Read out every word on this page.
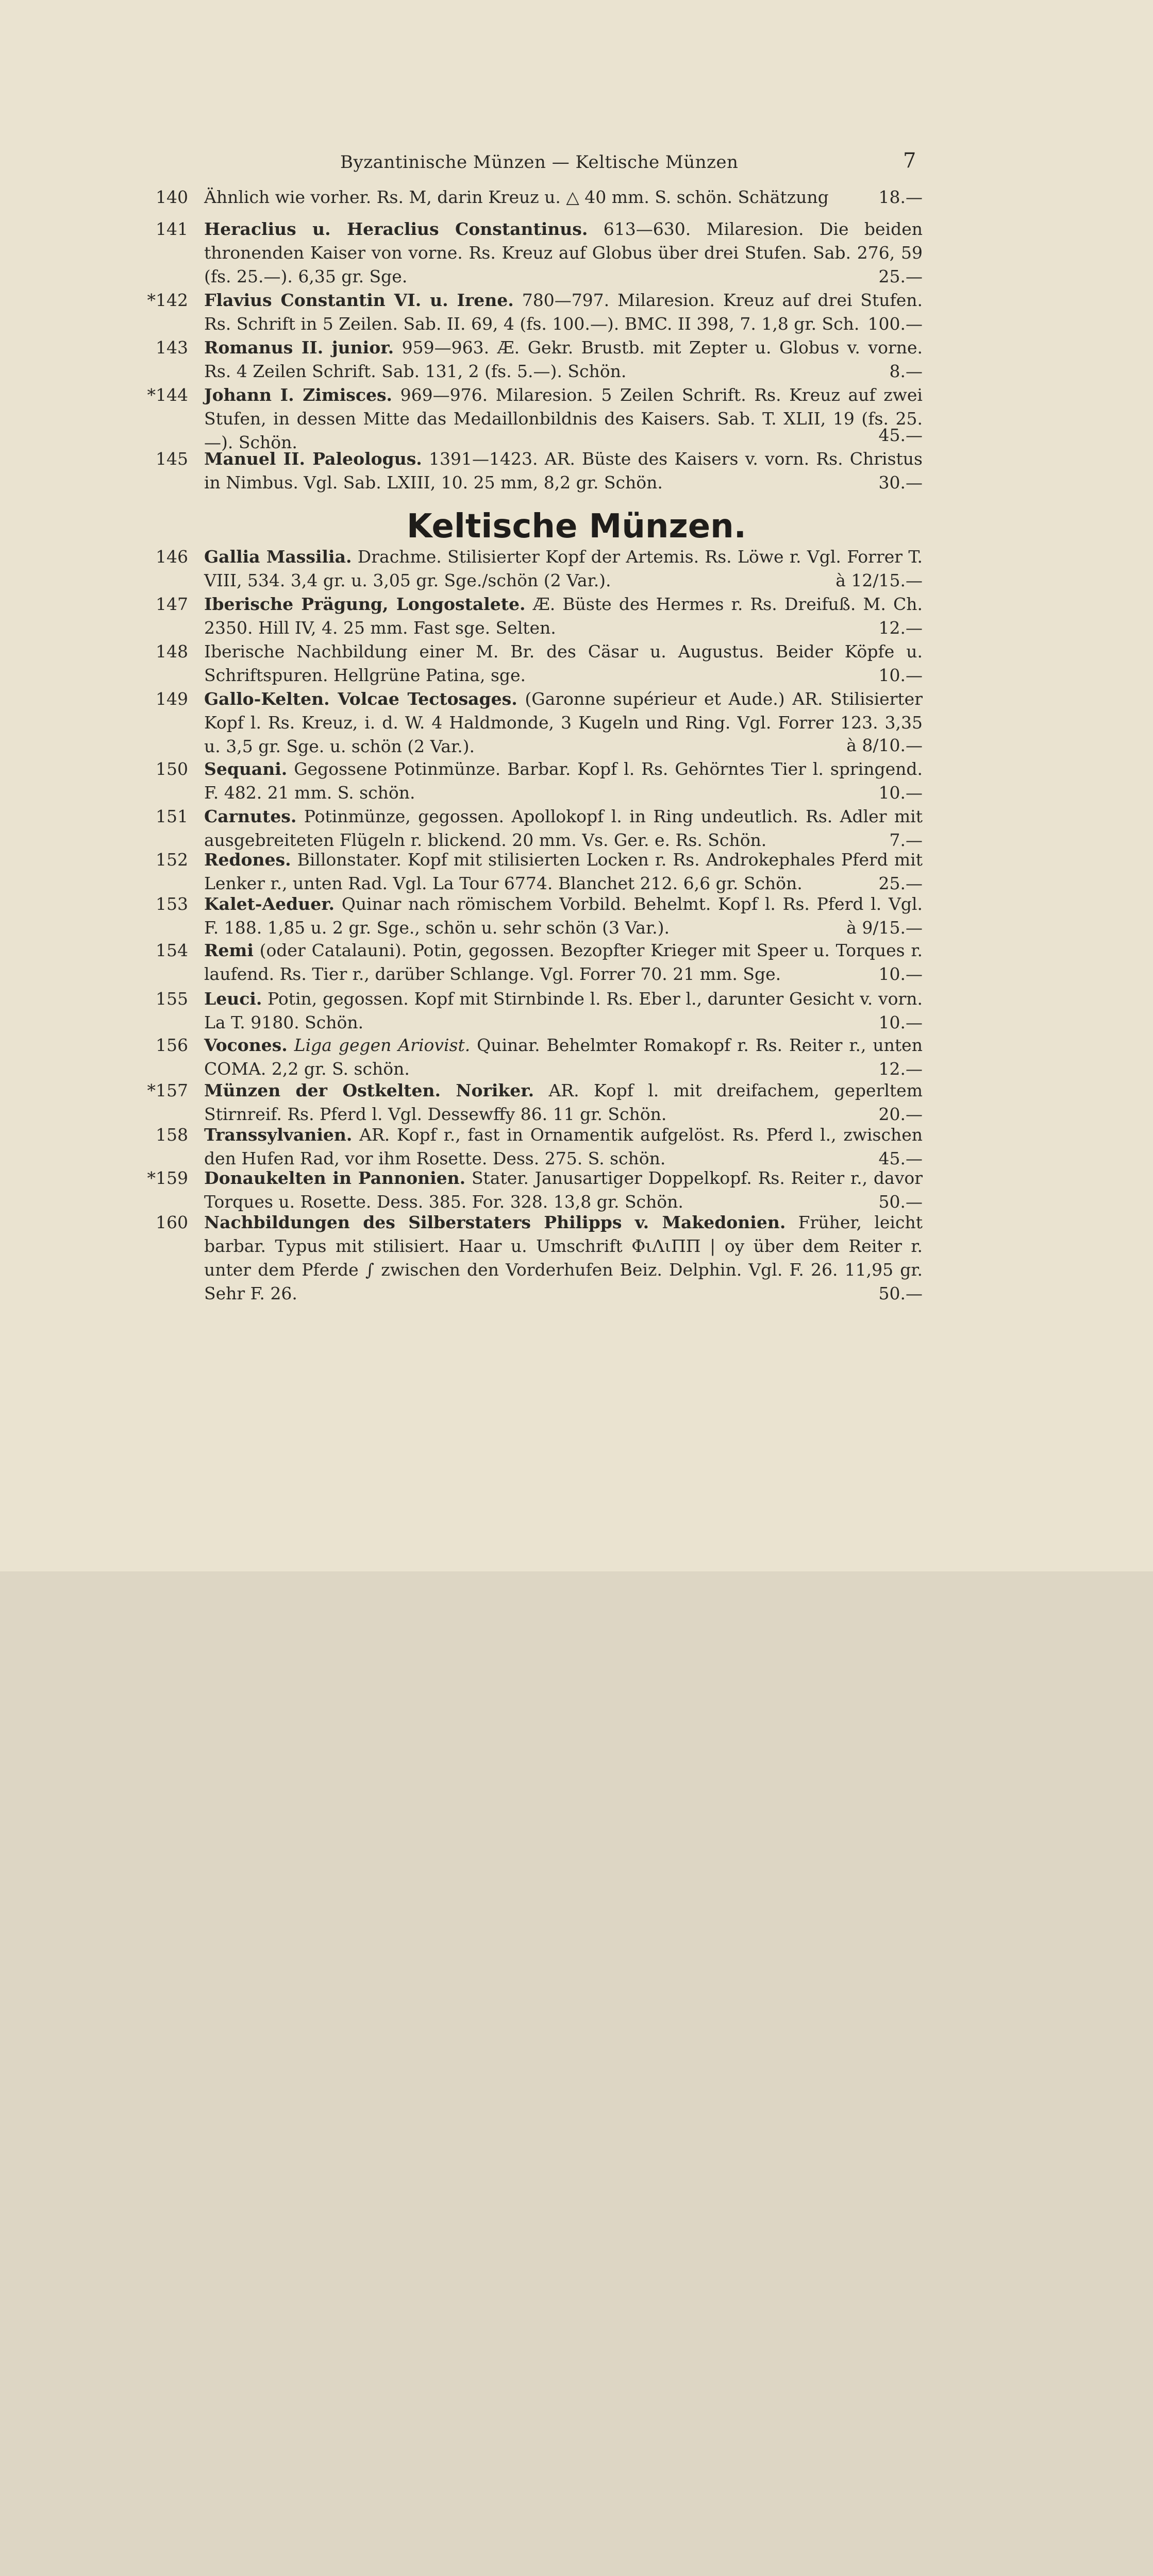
Byzantinische Münzen — Keltische Münzen	7
140 Ähnlich wie vorher. Rs. M, darin Kreuz u. △ 40 mm. S. schön. Schätzung	18.—
141 Heraclius u. Heraclius Constantinus. 613—630. Milaresion. Die beiden thronenden Kaiser von vorne. Rs. Kreuz auf Globus über drei Stufen. Sab. 276, 59 (fs. 25.—). 6,35 gr. Sge.	25.—
*142 Flavius Constantin VI. u. Irene. 780—797. Milaresion. Kreuz auf drei Stufen. Rs. Schrift in 5 Zeilen. Sab. II. 69, 4 (fs. 100.—). BMC. II 398, 7. 1,8 gr. Sch. 100.—
143 Romanus II. junior. 959—963. Æ. Gekr. Brustb. mit Zepter u. Globus v. vorne. Rs. 4 Zeilen Schrift. Sab. 131, 2 (fs. 5.—). Schön.	8.—
*144 Johann I. Zimisces. 969—976. Milaresion. 5 Zeilen Schrift. Rs. Kreuz auf zwei Stufen, in dessen Mitte das Medaillonbildnis des Kaisers. Sab. T. XLII, 19 (fs. 25.—). Schön.	45.—
145 Manuel II. Paleologus. 1391—1423. AR. Büste des Kaisers v. vorn. Rs. Christus in Nimbus. Vgl. Sab. LXIII, 10. 25 mm, 8,2 gr. Schön.	30.—
146 Gallia Massilia. Drachme. Stilisierter Kopf der Artemis. Rs. Löwe r. Vgl. Forrer T. VIII, 534. 3,4 gr. u. 3,05 gr. Sge./schön (2 Var.).	à 12/15.—
147 Iberische Prägung, Longostalete. Æ. Büste des Hermes r. Rs. Dreifuß. M. Ch. 2350. Hill IV, 4. 25 mm. Fast sge. Selten.	12.—
148 Iberische Nachbildung einer M. Br. des Cäsar u. Augustus. Beider Köpfe u. Schriftspuren. Hellgrüne Patina, sge.	10.—
149 Gallo-Kelten. Volcae Tectosages. (Garonne supérieur et Aude.) AR. Stilisierter Kopf l. Rs. Kreuz, i. d. W. 4 Haldmonde, 3 Kugeln und Ring. Vgl. Forrer 123. 3,35 u. 3,5 gr. Sge. u. schön (2 Var.).	à 8/10.—
150 Sequani. Gegossene Potinmünze. Barbar. Kopf l. Rs. Gehörntes Tier l. springend. F. 482. 21 mm. S. schön.	10.—
151 Carnutes. Potinmünze, gegossen. Apollokopf l. in Ring undeutlich. Rs. Adler mit ausgebreiteten Flügeln r. blickend. 20 mm. Vs. Ger. e. Rs. Schön.	7.—
152 Redones. Billonstater. Kopf mit stilisierten Locken r. Rs. Androkephales Pferd mit Lenker r., unten Rad. Vgl. La Tour 6774. Blanchet 212. 6,6 gr. Schön.	25.—
153 Kalet-Aeduer. Quinar nach römischem Vorbild. Behelmt. Kopf l. Rs. Pferd l. Vgl. F. 188. 1,85 u. 2 gr. Sge., schön u. sehr schön (3 Var.).	à 9/15.—
154 Remi (oder Catalauni). Potin, gegossen. Bezopfter Krieger mit Speer u. Torques r. laufend. Rs. Tier r., darüber Schlange. Vgl. Forrer 70. 21 mm. Sge.	10.—
155 Leuci. Potin, gegossen. Kopf mit Stirnbinde l. Rs. Eber l., darunter Gesicht v. vorn. La T. 9180. Schön.	10.—
156 Vocones. Liga gegen Ariovist. Quinar. Behelmter Romakopf r. Rs. Reiter r., unten COMA. 2,2 gr. S. schön.	12.—
*157 Münzen der Ostkelten. Noriker. AR. Kopf l. mit dreifachem, geperltem Stirnreif. Rs. Pferd l. Vgl. Dessewffy 86. 11 gr. Schön.	20.—
158 Transsylvanien. AR. Kopf r., fast in Ornamentik aufgelöst. Rs. Pferd l., zwischen den Hufen Rad, vor ihm Rosette. Dess. 275. S. schön.	45.—
*159 Donaukelten in Pannonien. Stater. Janusartiger Doppelkopf. Rs. Reiter r., davor Torques u. Rosette. Dess. 385. For. 328. 13,8 gr. Schön.	50.—
160 Nachbildungen des Silberstaters Philipps v. Makedonien. Früher, leicht barbar. Typus mit stilisiert. Haar u. Umschrift ΦιΛιΠΠ | oy über dem Reiter r. unter dem Pferde ∫ zwischen den Vorderhufen Beiz. Delphin. Vgl. F. 26. 11,95 gr. Sehr F. 26.	50.—
Keltische Münzen.
